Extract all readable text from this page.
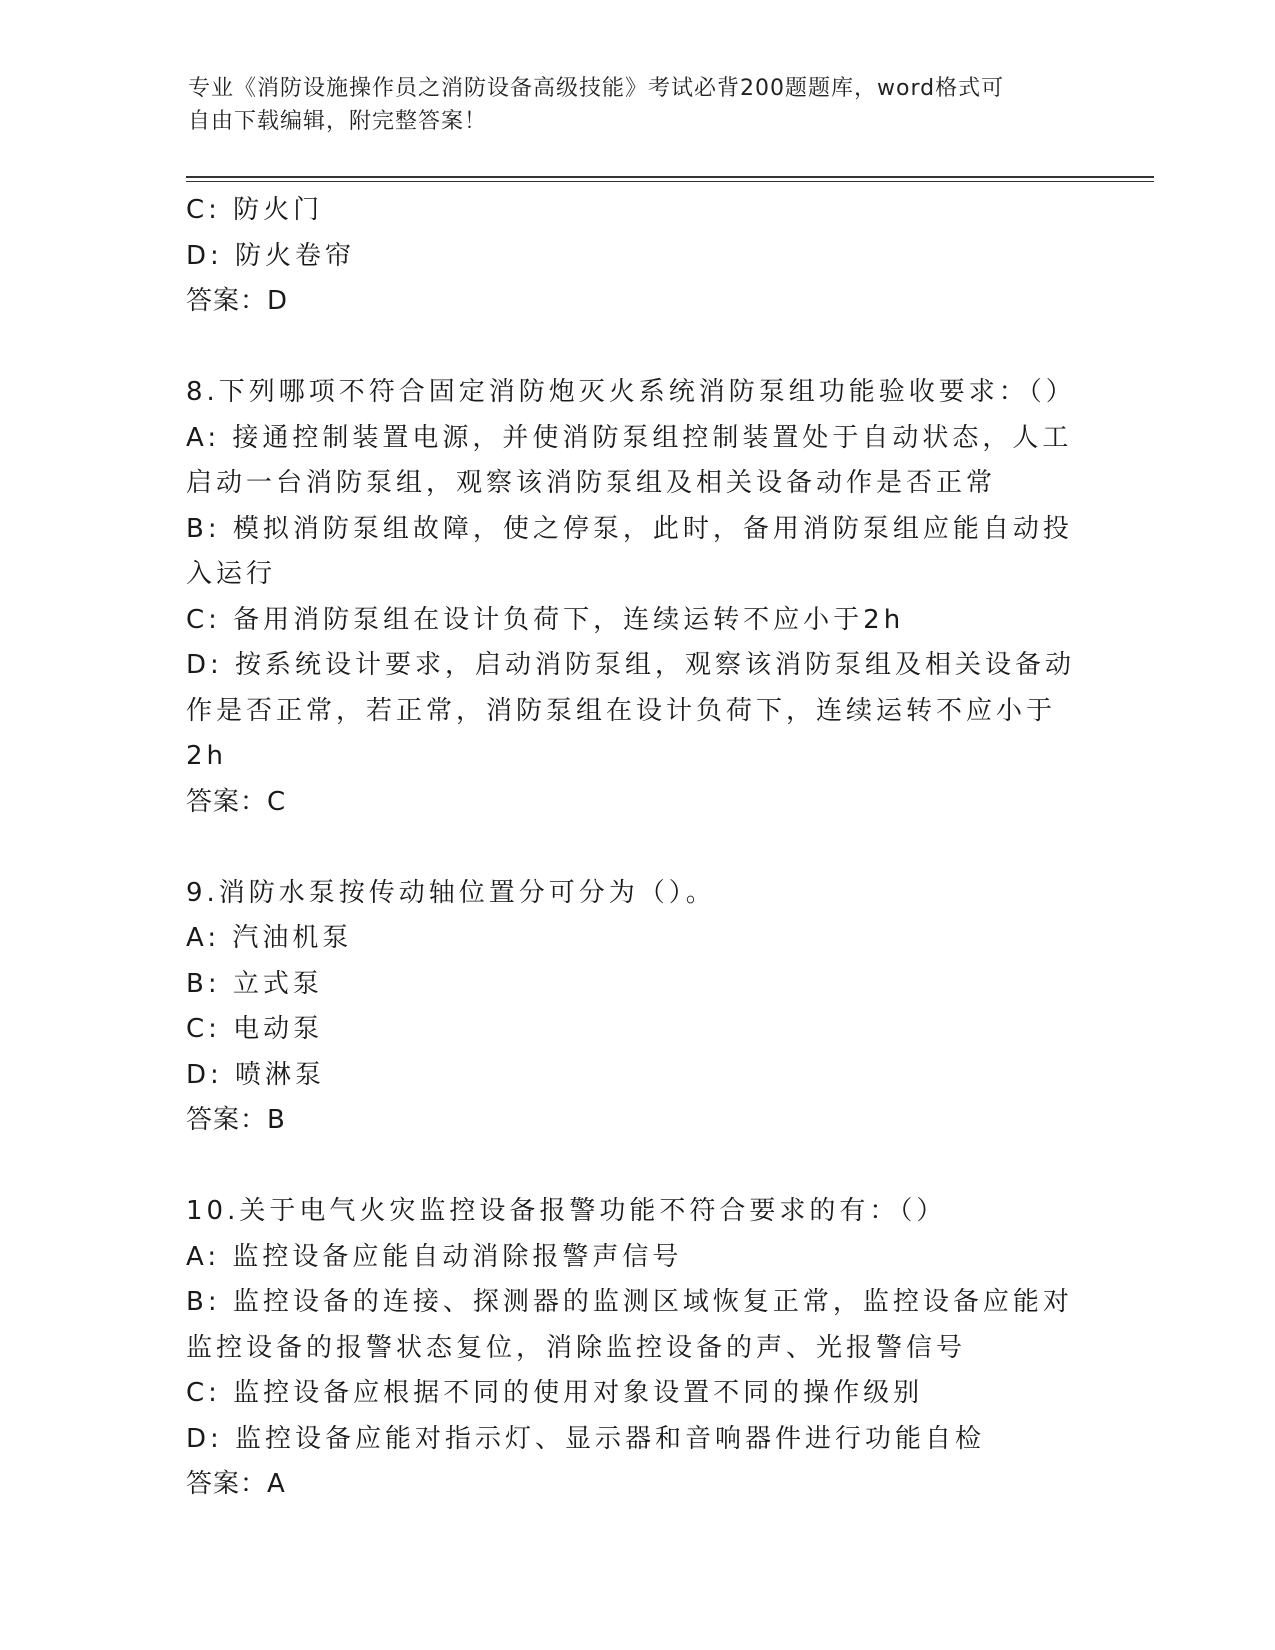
专业《消防设施操作员之消防设备高级技能》考试必背200题题库，word格式可
自由下载编辑，附完整答案！
C: 防火门
D: 防火卷帘
答案：D
8.下列哪项不符合固定消防炮灭火系统消防泵组功能验收要求：（）
A: 接通控制装置电源，并使消防泵组控制装置处于自动状态，人工启动一台消防泵组，观察该消防泵组及相关设备动作是否正常
B: 模拟消防泵组故障，使之停泵，此时，备用消防泵组应能自动投入运行
C: 备用消防泵组在设计负荷下，连续运转不应小于2h
D: 按系统设计要求，启动消防泵组，观察该消防泵组及相关设备动作是否正常，若正常，消防泵组在设计负荷下，连续运转不应小于2h
答案：C
9.消防水泵按传动轴位置分可分为（）。
A: 汽油机泵
B: 立式泵
C: 电动泵
D: 喷淋泵
答案：B
10.关于电气火灾监控设备报警功能不符合要求的有：（）
A: 监控设备应能自动消除报警声信号
B: 监控设备的连接、探测器的监测区域恢复正常，监控设备应能对监控设备的报警状态复位，消除监控设备的声、光报警信号
C: 监控设备应根据不同的使用对象设置不同的操作级别
D: 监控设备应能对指示灯、显示器和音响器件进行功能自检
答案：A
